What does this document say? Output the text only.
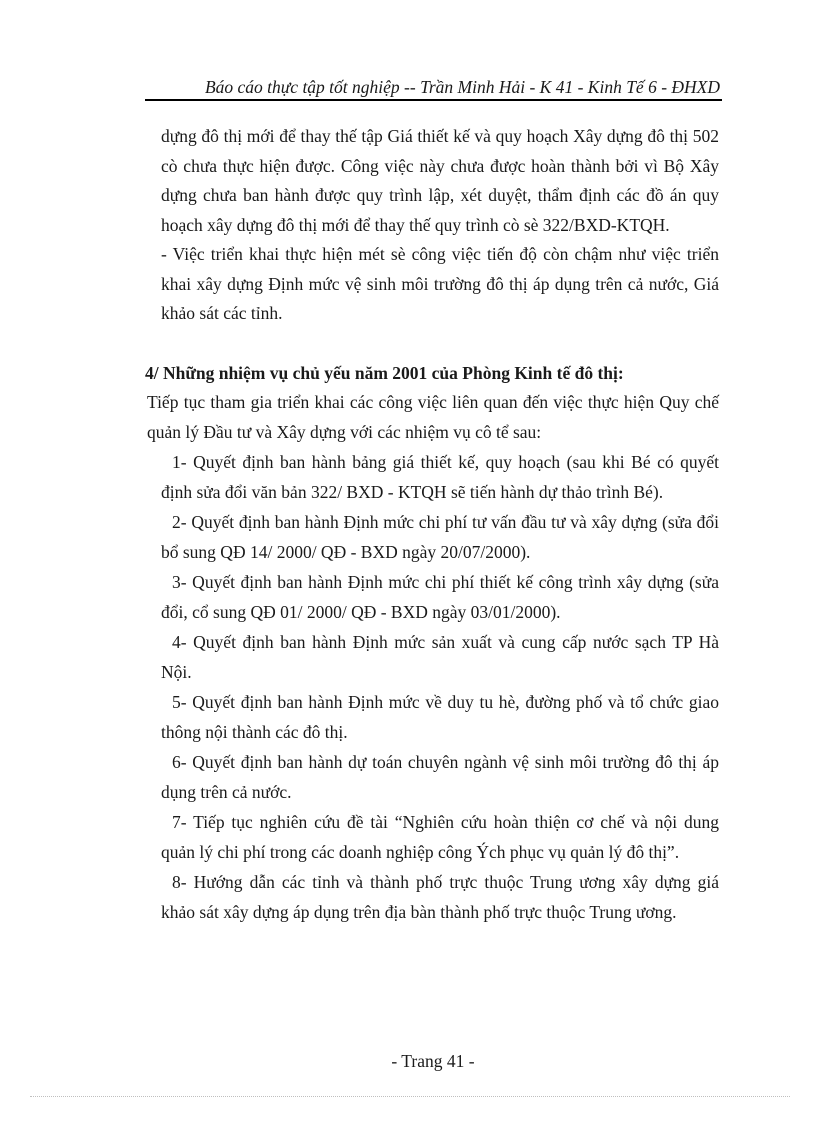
Báo cáo thực tập tốt nghiệp -- Trần Minh Hải - K 41 - Kinh Tế 6 - ĐHXD

dựng đô thị mới để thay thế tập Giá thiết kế và quy hoạch Xây dựng đô thị 502 cò chưa thực hiện được. Công việc này chưa được hoàn thành bởi vì Bộ Xây dựng chưa ban hành được quy trình lập, xét duyệt, thẩm định các đồ án quy hoạch xây dựng đô thị mới để thay thế quy trình cò sè 322/BXD-KTQH.

- Việc triển khai thực hiện mét sè công việc tiến độ còn chậm như việc triển khai xây dựng Định mức vệ sinh môi trường đô thị áp dụng trên cả nước, Giá khảo sát các tỉnh.

4/ Những nhiệm vụ chủ yếu năm 2001 của Phòng Kinh tế đô thị:

Tiếp tục tham gia triển khai các công việc liên quan đến việc thực hiện Quy chế quản lý Đầu tư và Xây dựng với các nhiệm vụ cô tể sau:

1- Quyết định ban hành bảng giá thiết kế, quy hoạch (sau khi Bé có quyết định sửa đổi văn bản 322/ BXD - KTQH sẽ tiến hành dự thảo trình Bé).

2- Quyết định ban hành Định mức chi phí tư vấn đầu tư và xây dựng (sửa đổi bổ sung QĐ 14/ 2000/ QĐ - BXD ngày 20/07/2000).

3- Quyết định ban hành Định mức chi phí thiết kế công trình xây dựng (sửa đổi, cổ sung QĐ 01/ 2000/ QĐ - BXD ngày 03/01/2000).

4- Quyết định ban hành Định mức sản xuất và cung cấp nước sạch TP Hà Nội.

5- Quyết định ban hành Định mức về duy tu hè, đường phố và tổ chức giao thông nội thành các đô thị.

6- Quyết định ban hành dự toán chuyên ngành vệ sinh môi trường đô thị áp dụng trên cả nước.

7- Tiếp tục nghiên cứu đề tài “Nghiên cứu hoàn thiện cơ chế và nội dung quản lý chi phí trong các doanh nghiệp công Ých phục vụ quản lý đô thị”.

8- Hướng dẫn các tỉnh và thành phố trực thuộc Trung ương xây dựng giá khảo sát xây dựng áp dụng trên địa bàn thành phố trực thuộc Trung ương.

- Trang 41 -
